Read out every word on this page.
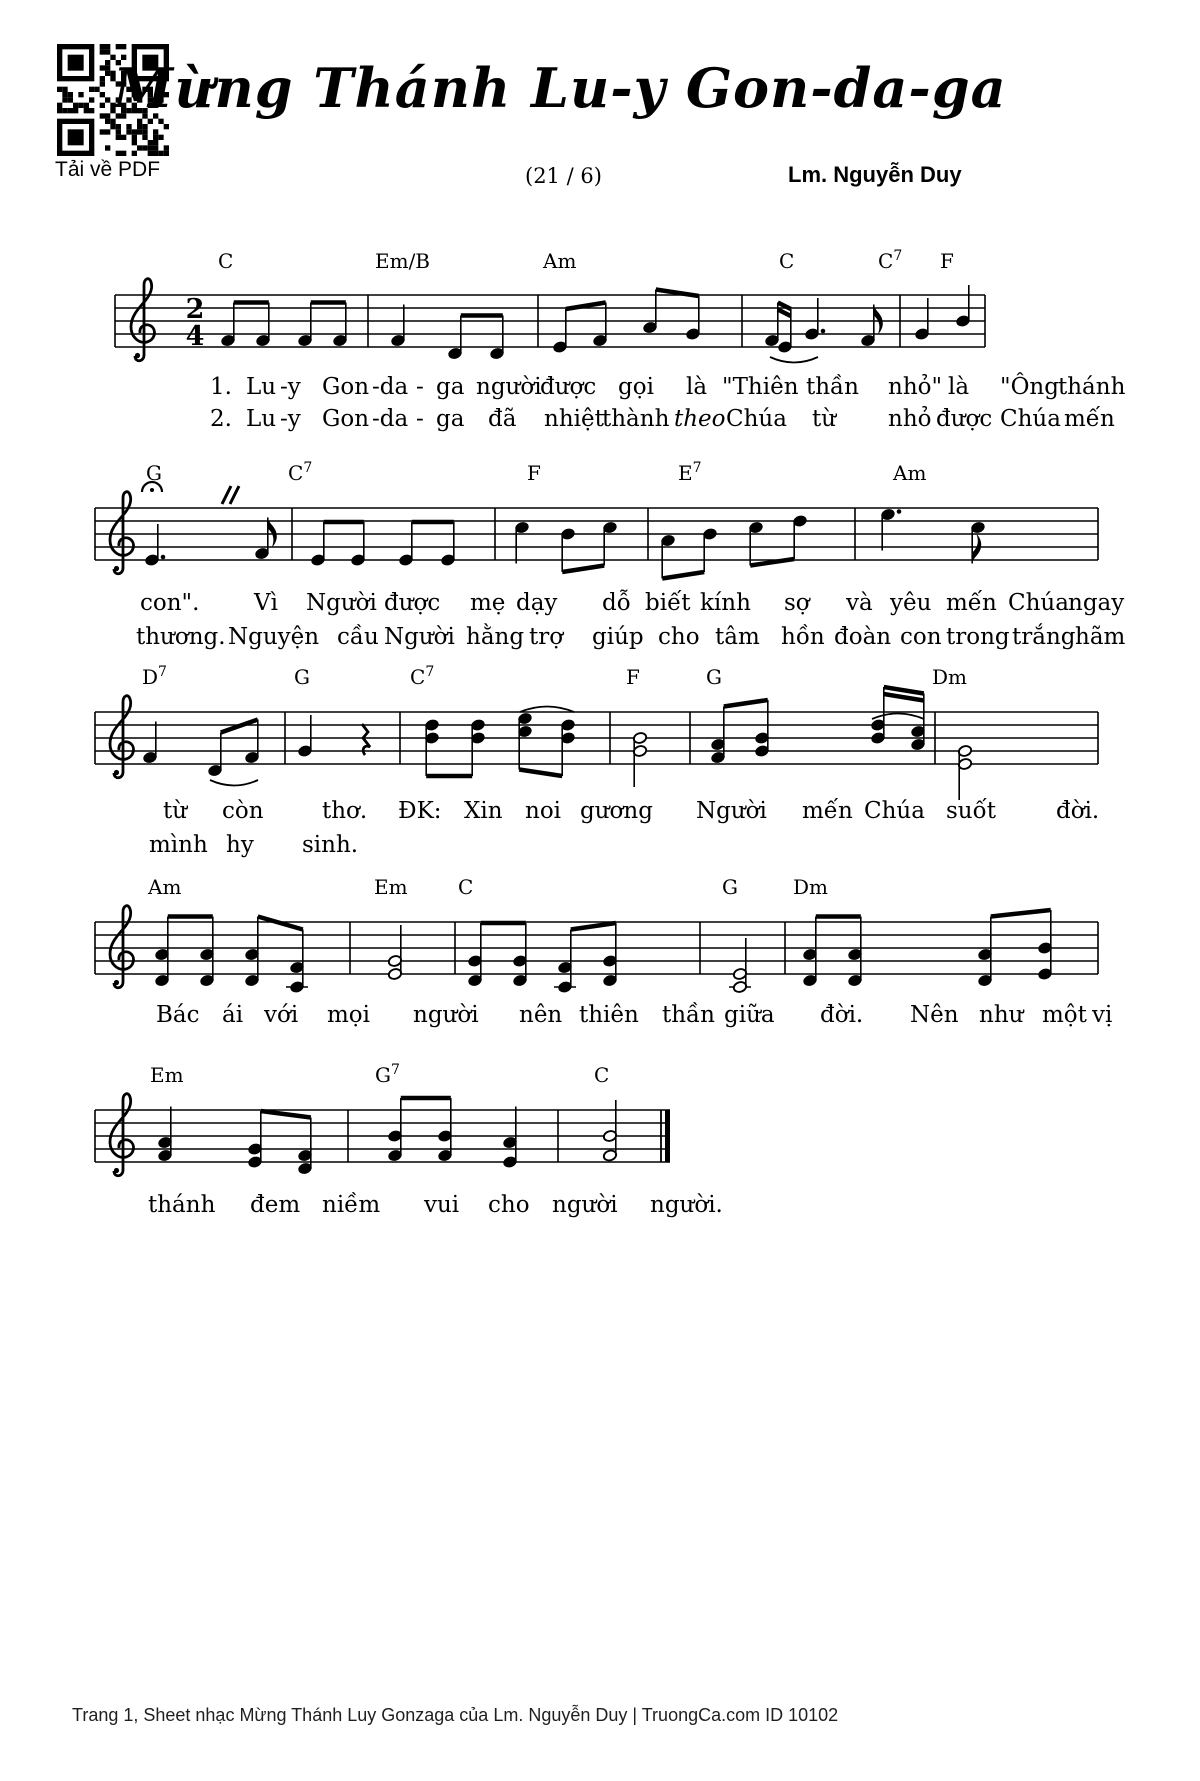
Tải về PDF
Mừng Thánh Lu-y Gon-da-ga
(21 / 6)	Lm. Nguyễn Duy
2
4
C	Em/B	Am	C	$C^7$ F
G	$C^7$	F	$E^7$	Am
$D^7$	G	$C^7$	F	G	Dm
Am	Em	C	G	Dm
Em	$G^7$	C
1. Lu -y Gon -da - ga người
được gọi là "Thiên thần nhỏ" là "Ông thánh
2. Lu -y Gon -da - ga đã nhiệt
thành theo Chúa từ nhỏ được Chúa mến
con". Vì Người được mẹ dạy dỗ biết kính sợ và yêu mến Chúa ngay
thương. Nguyện cầu Người hằng trợ giúp cho tâm hồn đoàn con trong trắng hãm
từ còn	thơ. ĐK: Xin noi gương Người mến Chúa suốt	đời.
mình hy sinh.
Bác ái với mọi người nên thiên thần giữa đời. Nên như một vị
thánh đem niềm vui cho người người.
Trang 1, Sheet nhạc Mừng Thánh Luy Gonzaga của Lm. Nguyễn Duy | TruongCa.com ID 10102
